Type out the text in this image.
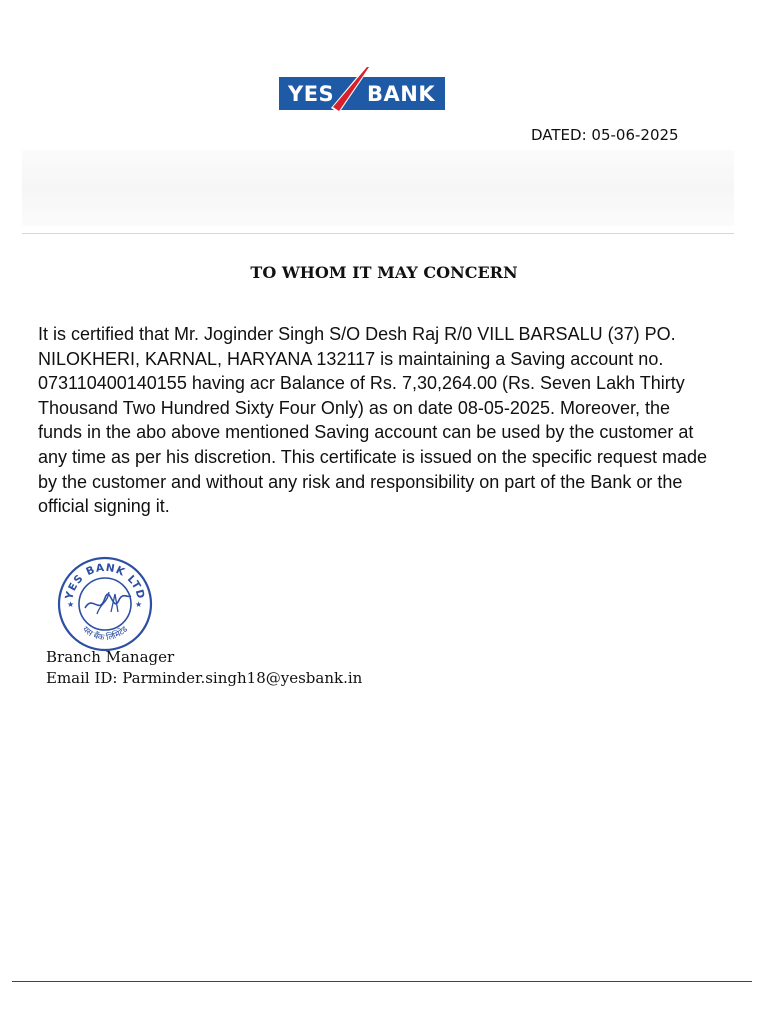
YES BANK
DATED: 05-06-2025
TO WHOM IT MAY CONCERN
It is certified that Mr. Joginder Singh S/O Desh Raj R/0 VILL BARSALU (37) PO.
NILOKHERI, KARNAL, HARYANA 132117 is maintaining a Saving account no.
073110400140155 having acr Balance of Rs. 7,30,264.00 (Rs. Seven Lakh Thirty
Thousand Two Hundred Sixty Four Only) as on date 08-05-2025. Moreover, the
funds in the abo above mentioned Saving account can be used by the customer at
any time as per his discretion. This certificate is issued on the specific request made
by the customer and without any risk and responsibility on part of the Bank or the
official signing it.
YES BANK LTD
यस बैंक लिमिटेड
★	★
Branch Manager
Email ID: Parminder.singh18@yesbank.in
